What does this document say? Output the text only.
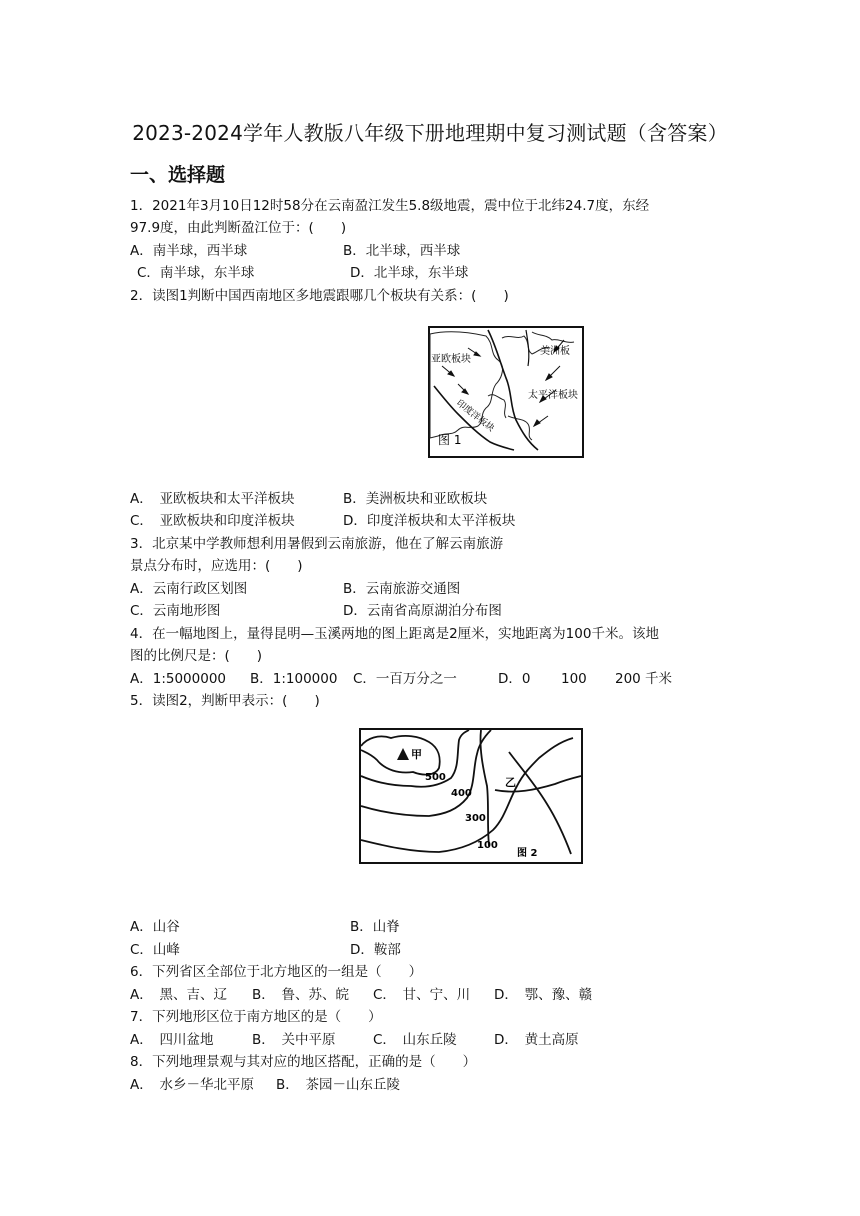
2023-2024学年人教版八年级下册地理期中复习测试题（含答案）
一、选择题
1．2021年3月10日12时58分在云南盈江发生5.8级地震，震中位于北纬24.7度，东经
97.9度，由此判断盈江位于：(　　)
A．南半球，西半球	B．北半球，西半球
C．南半球，东半球	D．北半球，东半球
2．读图1判断中国西南地区多地震跟哪几个板块有关系：(　　)
亚欧板块
美洲板
太平洋板块
印度洋板块
图 1
A．　亚欧板块和太平洋板块	B．美洲板块和亚欧板块
C．　亚欧板块和印度洋板块	D．印度洋板块和太平洋板块
3．北京某中学教师想利用暑假到云南旅游，他在了解云南旅游
景点分布时，应选用：(　　)
A．云南行政区划图	B．云南旅游交通图
C．云南地形图	D．云南省高原湖泊分布图
4．在一幅地图上，量得昆明—玉溪两地的图上距离是2厘米，实地距离为100千米。该地
图的比例尺是：(　　)
A．1:5000000 B．1:100000 C．一百万分之一	D．0 100 200 千米
5．读图2，判断甲表示：(　　)
甲
500
400
300
100
乙
图 2
A．山谷	B．山脊
C．山峰	D．鞍部
6．下列省区全部位于北方地区的一组是（　　）
A．　黑、吉、辽 B．　鲁、苏、皖 C．　甘、宁、川 D．　鄂、豫、赣
7．下列地形区位于南方地区的是（　　）
A．　四川盆地	B．　关中平原	C．　山东丘陵	D．　黄土高原
8．下列地理景观与其对应的地区搭配，正确的是（　　）
A．　水乡－华北平原 B．　茶园－山东丘陵
